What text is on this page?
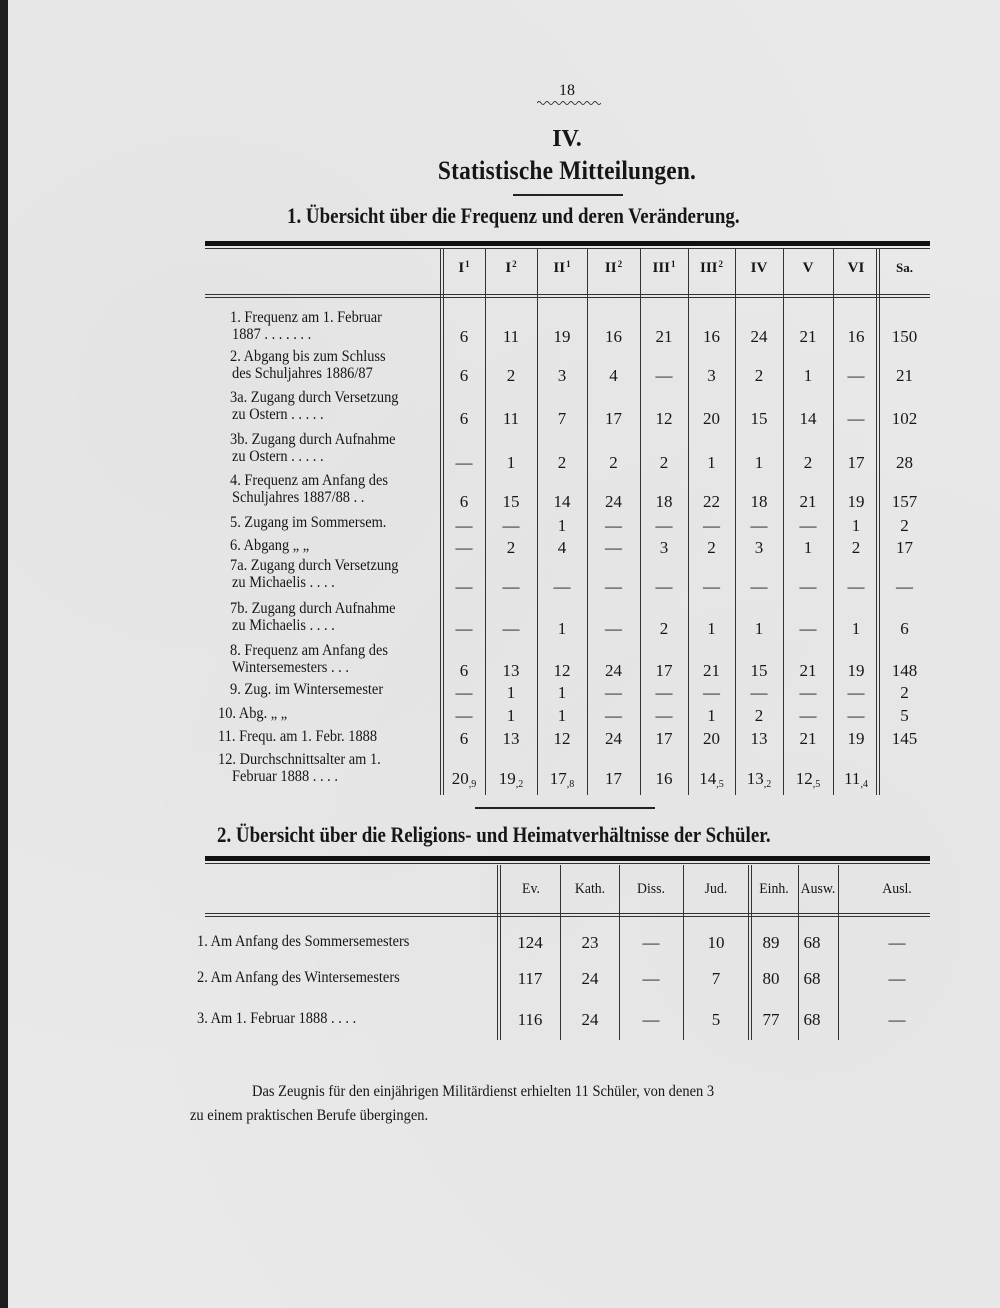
18
IV.
Statistische Mitteilungen.
1. Übersicht über die Frequenz und deren Veränderung.
$I^1$	$I^2$	$II^1$	$II^2$	III$^1$	III$^2$	IV	V	VI	Sa.
1. Frequenz am 1. Februar
1887 . . . . . . .	6	11	19	16	21	16	24	21	16	150
2. Abgang bis zum Schluss
des Schuljahres 1886/87	6	2	3	4	—	3	2	1	—	21
3a. Zugang durch Versetzung
zu Ostern . . . . .	6	11	7	17	12	20	15	14	—	102
3b. Zugang durch Aufnahme
zu Ostern . . . . .	—	1	2	2	2	1	1	2	17	28
4. Frequenz am Anfang des
Schuljahres 1887/88 . .	6	15	14	24	18	22	18	21	19	157
5. Zugang im Sommersem.	—	—	1	—	—	—	—	—	1	2
6. Abgang „ „	—	2	4	—	3	2	3	1	2	17
7a. Zugang durch Versetzung
zu Michaelis . . . .	—	—	—	—	—	—	—	—	—	—
7b. Zugang durch Aufnahme
zu Michaelis . . . .	—	—	1	—	2	1	1	—	1	6
8. Frequenz am Anfang des
Wintersemesters . . .	6	13	12	24	17	21	15	21	19	148
9. Zug. im Wintersemester	—	1	1	—	—	—	—	—	—	2
10. Abg. „ „	—	1	1	—	—	1	2	—	—	5
11. Frequ. am 1. Febr. 1888	6	13	12	24	17	20	13	21	19	145
12. Durchschnittsalter am 1.
Februar 1888 . . . .	$20_{,9}$	$19_{,2}$	$17_{,8}$	17	16	$14_{,5}$	$13_{,2}$	$12_{,5}$	$11_{,4}$
2. Übersicht über die Religions- und Heimatverhältnisse der Schüler.
Ev.	Kath.	Diss.	Jud.	Einh. Ausw.	Ausl.
1. Am Anfang des Sommersemesters	124	23	—	10	89	68	—
2. Am Anfang des Wintersemesters	117	24	—	7	80	68	—
3. Am 1. Februar 1888 . . . .	116	24	—	5	77	68	—
Das Zeugnis für den einjährigen Militärdienst erhielten 11 Schüler, von denen 3
zu einem praktischen Berufe übergingen.
